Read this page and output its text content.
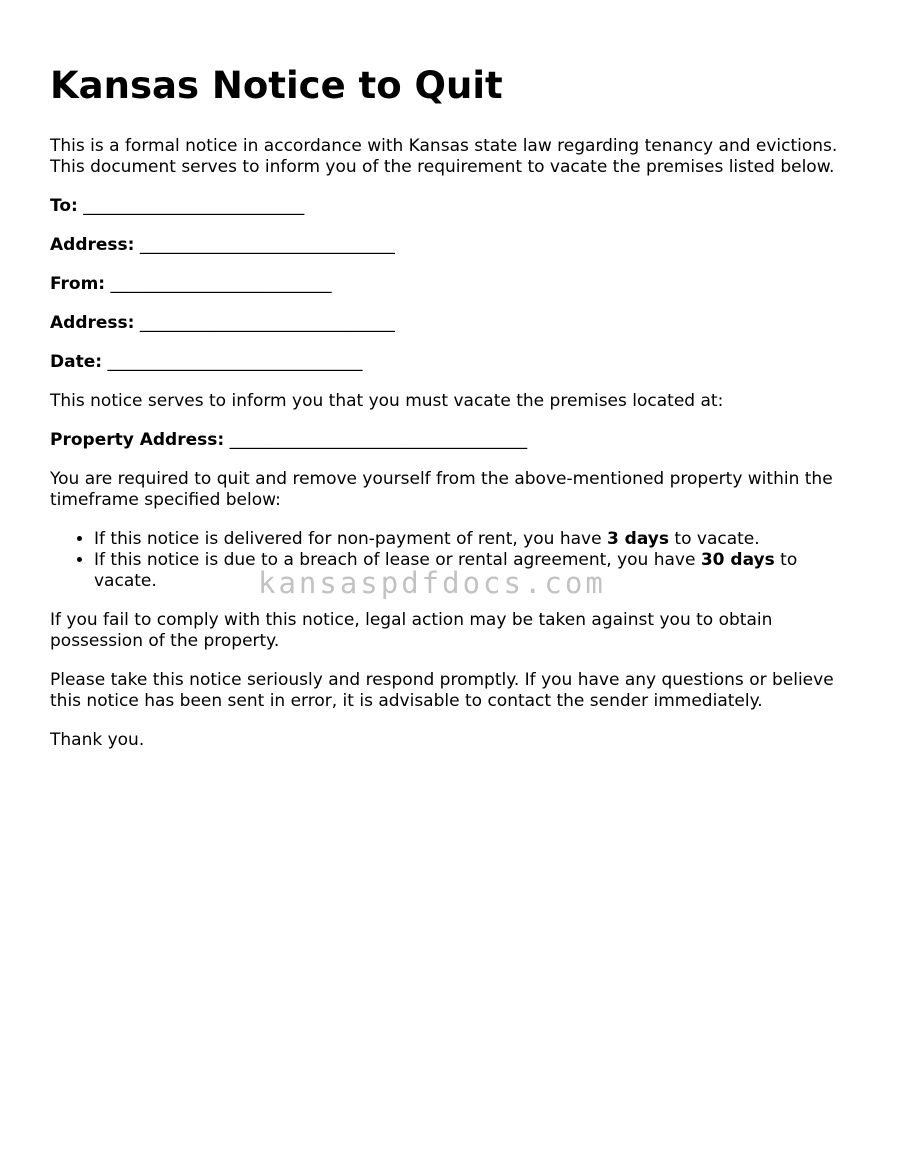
Kansas Notice to Quit

This is a formal notice in accordance with Kansas state law regarding tenancy and evictions. This document serves to inform you of the requirement to vacate the premises listed below.

To: __________________________
Address: ______________________________
From: __________________________
Address: ______________________________
Date: ______________________________

This notice serves to inform you that you must vacate the premises located at:

Property Address: ___________________________________

You are required to quit and remove yourself from the above-mentioned property within the timeframe specified below:

• If this notice is delivered for non-payment of rent, you have 3 days to vacate.
• If this notice is due to a breach of lease or rental agreement, you have 30 days to vacate.

If you fail to comply with this notice, legal action may be taken against you to obtain possession of the property.

Please take this notice seriously and respond promptly. If you have any questions or believe this notice has been sent in error, it is advisable to contact the sender immediately.

Thank you.

kansaspdfdocs.com
